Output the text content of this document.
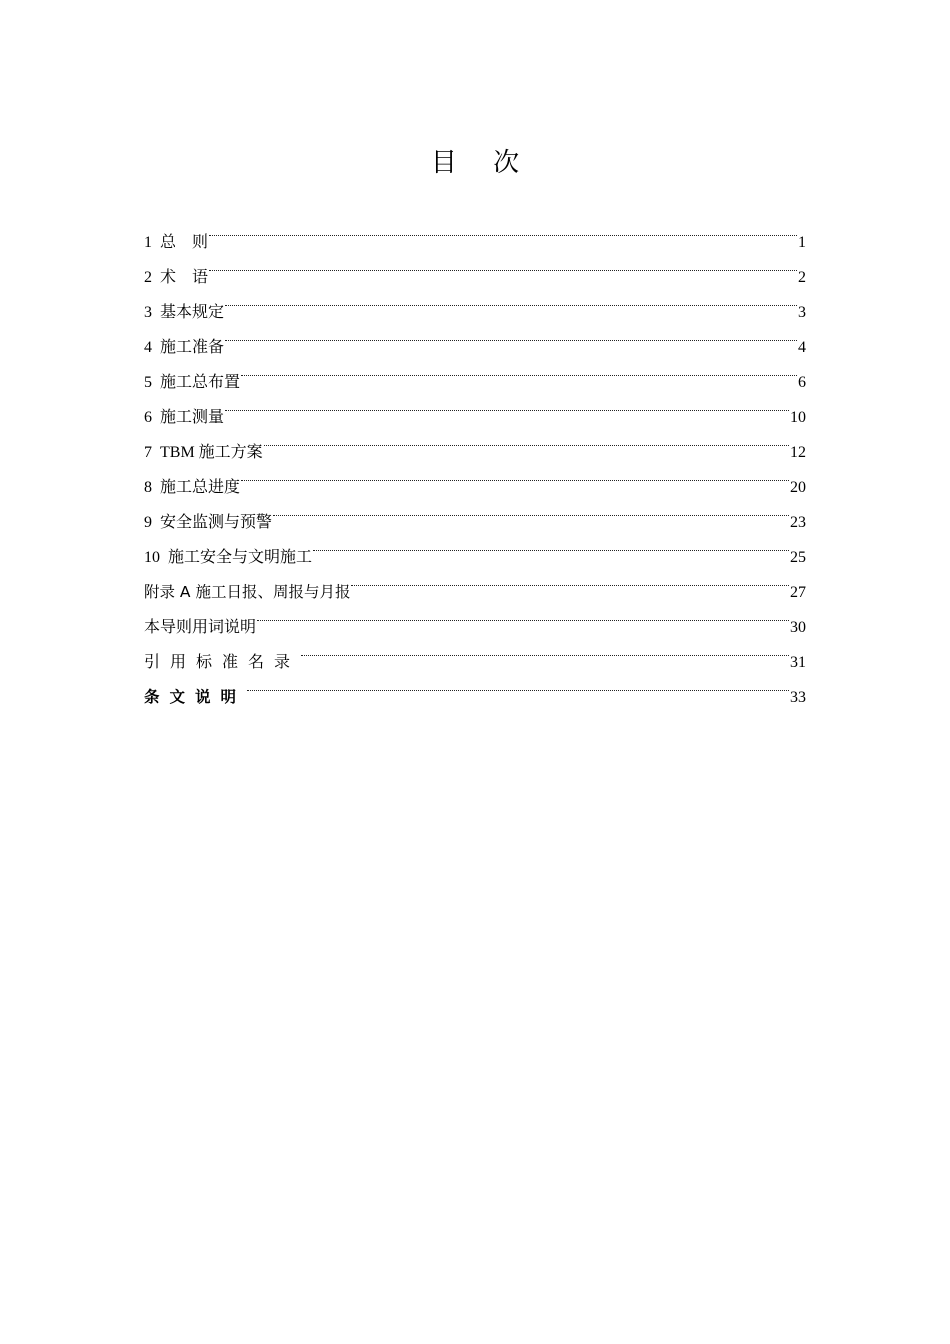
目 次
1 总　则	1
2 术　语	2
3 基本规定	3
4 施工准备	4
5 施工总布置	6
6 施工测量	10
7 TBM 施工方案	12
8 施工总进度	20
9 安全监测与预警	23
10 施工安全与文明施工	25
附录 A 施工日报、周报与月报	27
本导则用词说明	30
引用标准名录	31
条文说明	33
